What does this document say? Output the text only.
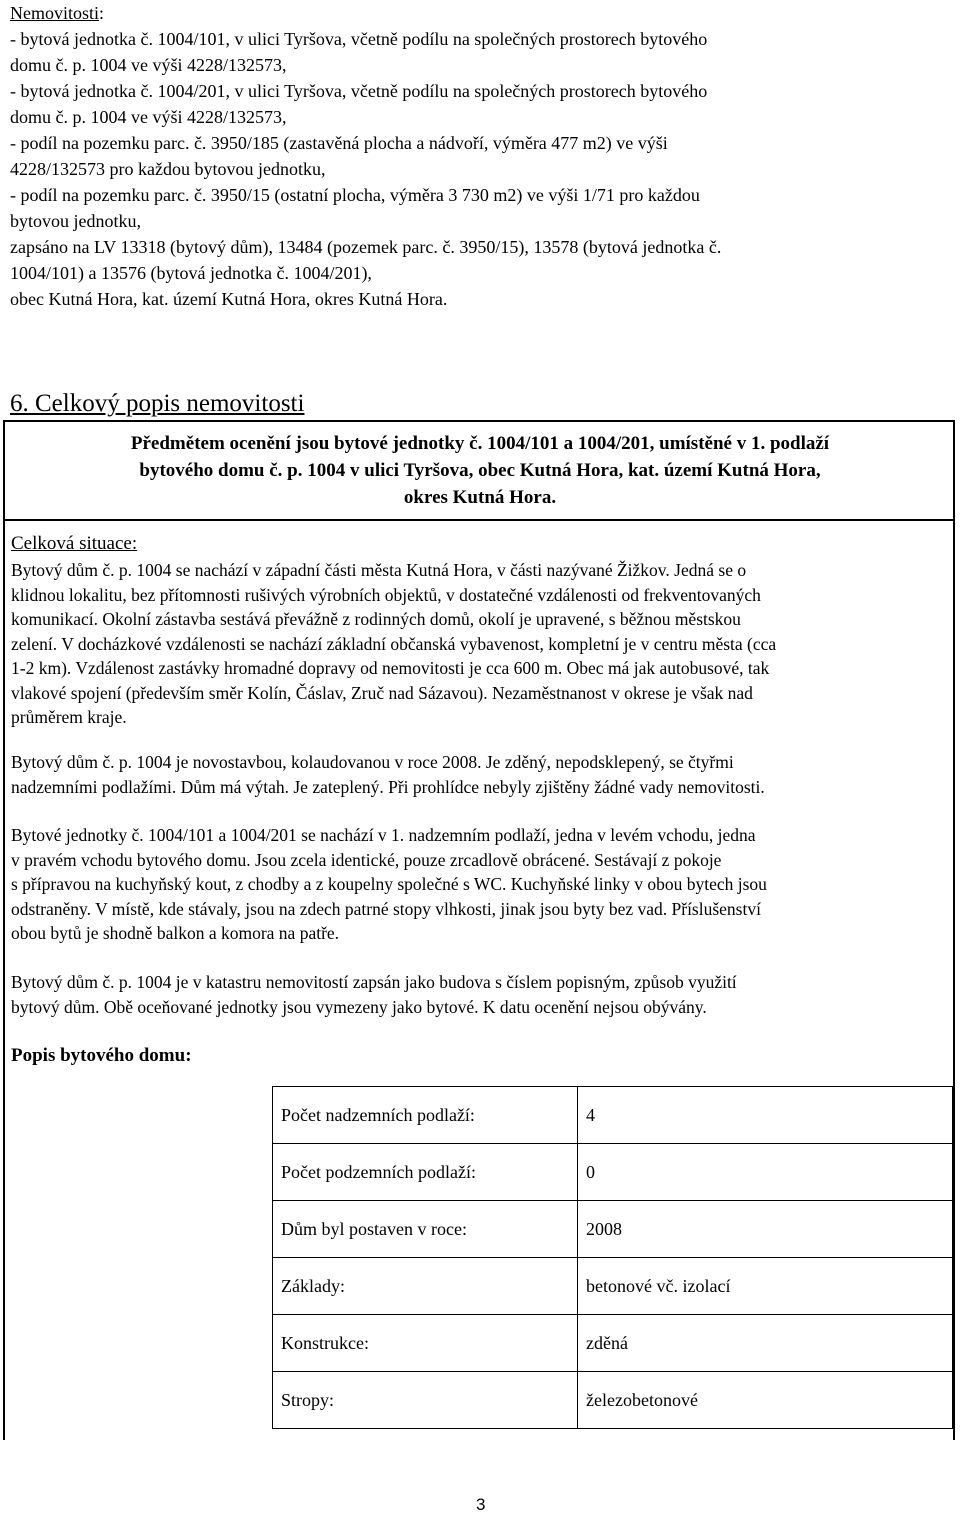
Nemovitosti:
- bytová jednotka č. 1004/101, v ulici Tyršova, včetně podílu na společných prostorech bytového
domu č. p. 1004 ve výši 4228/132573,
- bytová jednotka č. 1004/201, v ulici Tyršova, včetně podílu na společných prostorech bytového
domu č. p. 1004 ve výši 4228/132573,
- podíl na pozemku parc. č. 3950/185 (zastavěná plocha a nádvoří, výměra 477 m2) ve výši
4228/132573 pro každou bytovou jednotku,
- podíl na pozemku parc. č. 3950/15 (ostatní plocha, výměra 3 730 m2) ve výši 1/71 pro každou
bytovou jednotku,
zapsáno na LV 13318 (bytový dům), 13484 (pozemek parc. č. 3950/15), 13578 (bytová jednotka č.
1004/101) a 13576 (bytová jednotka č. 1004/201),
obec Kutná Hora, kat. území Kutná Hora, okres Kutná Hora.
6. Celkový popis nemovitosti
Předmětem ocenění jsou bytové jednotky č. 1004/101 a 1004/201, umístěné v 1. podlaží
bytového domu č. p. 1004 v ulici Tyršova, obec Kutná Hora, kat. území Kutná Hora,
okres Kutná Hora.
Celková situace:
Bytový dům č. p. 1004 se nachází v západní části města Kutná Hora, v části nazývané Žižkov. Jedná se o
klidnou lokalitu, bez přítomnosti rušivých výrobních objektů, v dostatečné vzdálenosti od frekventovaných
komunikací. Okolní zástavba sestává převážně z rodinných domů, okolí je upravené, s běžnou městskou
zelení. V docházkové vzdálenosti se nachází základní občanská vybavenost, kompletní je v centru města (cca
1-2 km). Vzdálenost zastávky hromadné dopravy od nemovitosti je cca 600 m. Obec má jak autobusové, tak
vlakové spojení (především směr Kolín, Čáslav, Zruč nad Sázavou). Nezaměstnanost v okrese je však nad
průměrem kraje.
Bytový dům č. p. 1004 je novostavbou, kolaudovanou v roce 2008. Je zděný, nepodsklepený, se čtyřmi
nadzemními podlažími. Dům má výtah. Je zateplený. Při prohlídce nebyly zjištěny žádné vady nemovitosti.
Bytové jednotky č. 1004/101 a 1004/201 se nachází v 1. nadzemním podlaží, jedna v levém vchodu, jedna
v pravém vchodu bytového domu. Jsou zcela identické, pouze zrcadlově obrácené. Sestávají z pokoje
s přípravou na kuchyňský kout, z chodby a z koupelny společné s WC. Kuchyňské linky v obou bytech jsou
odstraněny. V místě, kde stávaly, jsou na zdech patrné stopy vlhkosti, jinak jsou byty bez vad. Příslušenství
obou bytů je shodně balkon a komora na patře.
Bytový dům č. p. 1004 je v katastru nemovitostí zapsán jako budova s číslem popisným, způsob využití
bytový dům. Obě oceňované jednotky jsou vymezeny jako bytové. K datu ocenění nejsou obývány.
Popis bytového domu:
Počet nadzemních podlaží:	4
Počet podzemních podlaží:	0
Dům byl postaven v roce:	2008
Základy:	betonové vč. izolací
Konstrukce:	zděná
Stropy:	železobetonové
3
